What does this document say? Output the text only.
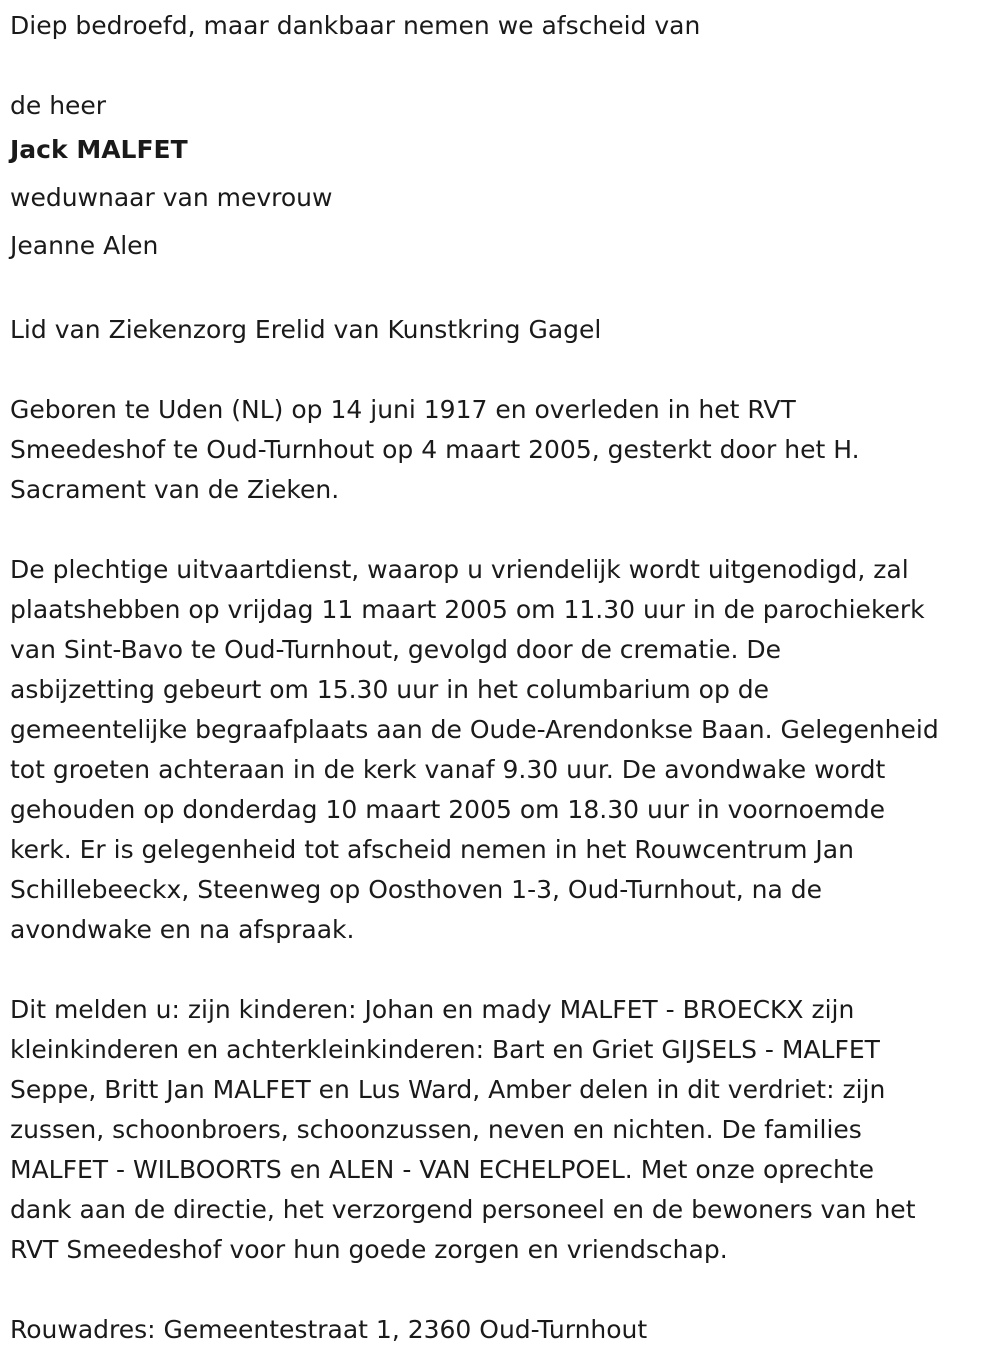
Diep bedroefd, maar dankbaar nemen we afscheid van
de heer
Jack MALFET
weduwnaar van mevrouw
Jeanne Alen
Lid van Ziekenzorg Erelid van Kunstkring Gagel
Geboren te Uden (NL) op 14 juni 1917 en overleden in het RVT
Smeedeshof te Oud-Turnhout op 4 maart 2005, gesterkt door het H.
Sacrament van de Zieken.
De plechtige uitvaartdienst, waarop u vriendelijk wordt uitgenodigd, zal
plaatshebben op vrijdag 11 maart 2005 om 11.30 uur in de parochiekerk
van Sint-Bavo te Oud-Turnhout, gevolgd door de crematie. De
asbijzetting gebeurt om 15.30 uur in het columbarium op de
gemeentelijke begraafplaats aan de Oude-Arendonkse Baan. Gelegenheid
tot groeten achteraan in de kerk vanaf 9.30 uur. De avondwake wordt
gehouden op donderdag 10 maart 2005 om 18.30 uur in voornoemde
kerk. Er is gelegenheid tot afscheid nemen in het Rouwcentrum Jan
Schillebeeckx, Steenweg op Oosthoven 1-3, Oud-Turnhout, na de
avondwake en na afspraak.
Dit melden u: zijn kinderen: Johan en mady MALFET - BROECKX zijn
kleinkinderen en achterkleinkinderen: Bart en Griet GIJSELS - MALFET
Seppe, Britt Jan MALFET en Lus Ward, Amber delen in dit verdriet: zijn
zussen, schoonbroers, schoonzussen, neven en nichten. De families
MALFET - WILBOORTS en ALEN - VAN ECHELPOEL. Met onze oprechte
dank aan de directie, het verzorgend personeel en de bewoners van het
RVT Smeedeshof voor hun goede zorgen en vriendschap.
Rouwadres: Gemeentestraat 1, 2360 Oud-Turnhout
